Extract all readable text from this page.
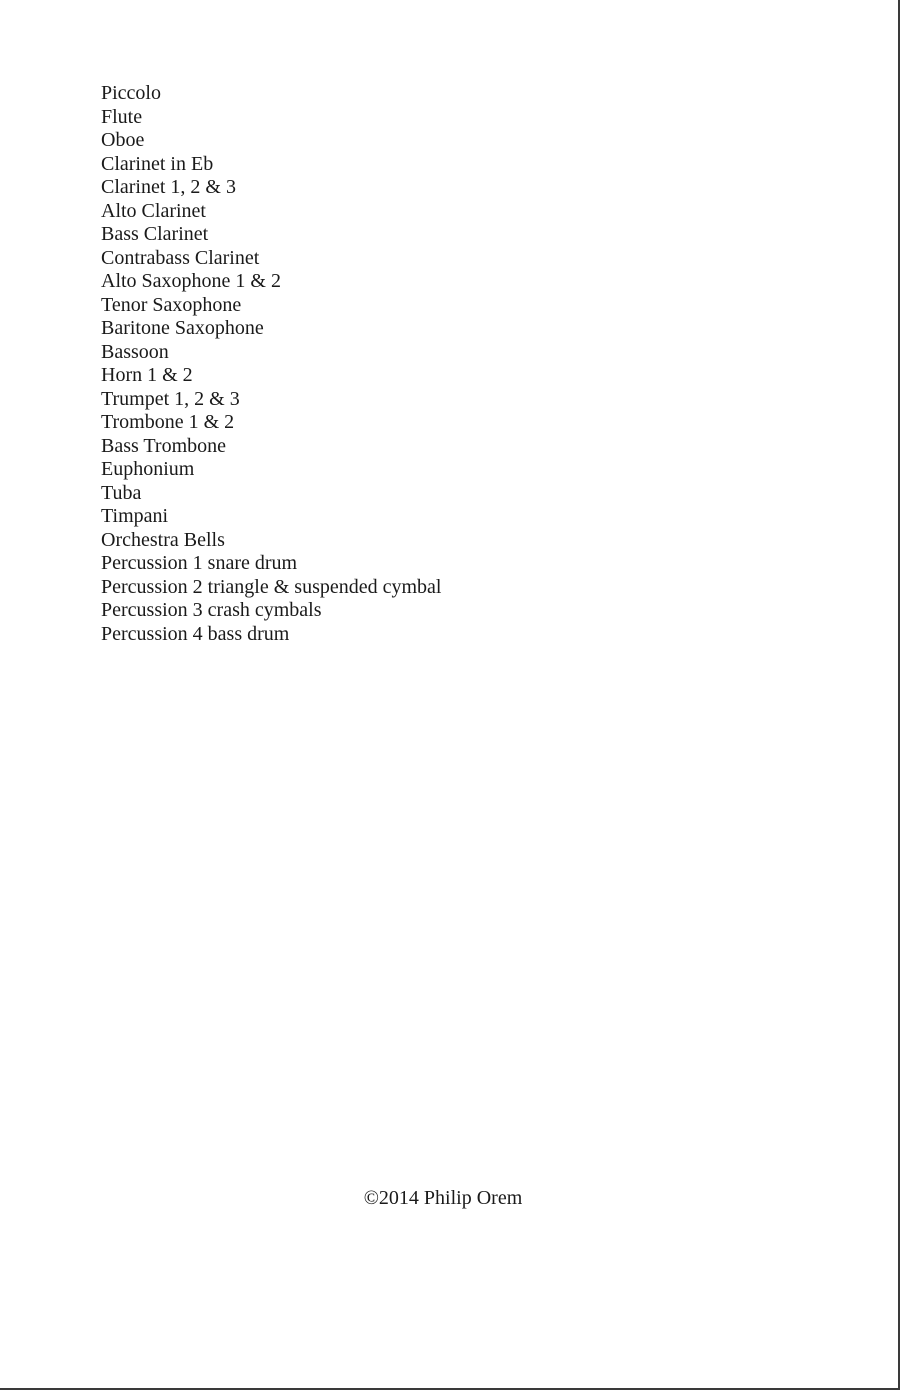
Piccolo
Flute
Oboe
Clarinet in Eb
Clarinet 1, 2 & 3
Alto Clarinet
Bass Clarinet
Contrabass Clarinet
Alto Saxophone 1 & 2
Tenor Saxophone
Baritone Saxophone
Bassoon
Horn 1 & 2
Trumpet 1, 2 & 3
Trombone 1 & 2
Bass Trombone
Euphonium
Tuba
Timpani
Orchestra Bells
Percussion 1 snare drum
Percussion 2 triangle & suspended cymbal
Percussion 3 crash cymbals
Percussion 4 bass drum
©2014 Philip Orem
